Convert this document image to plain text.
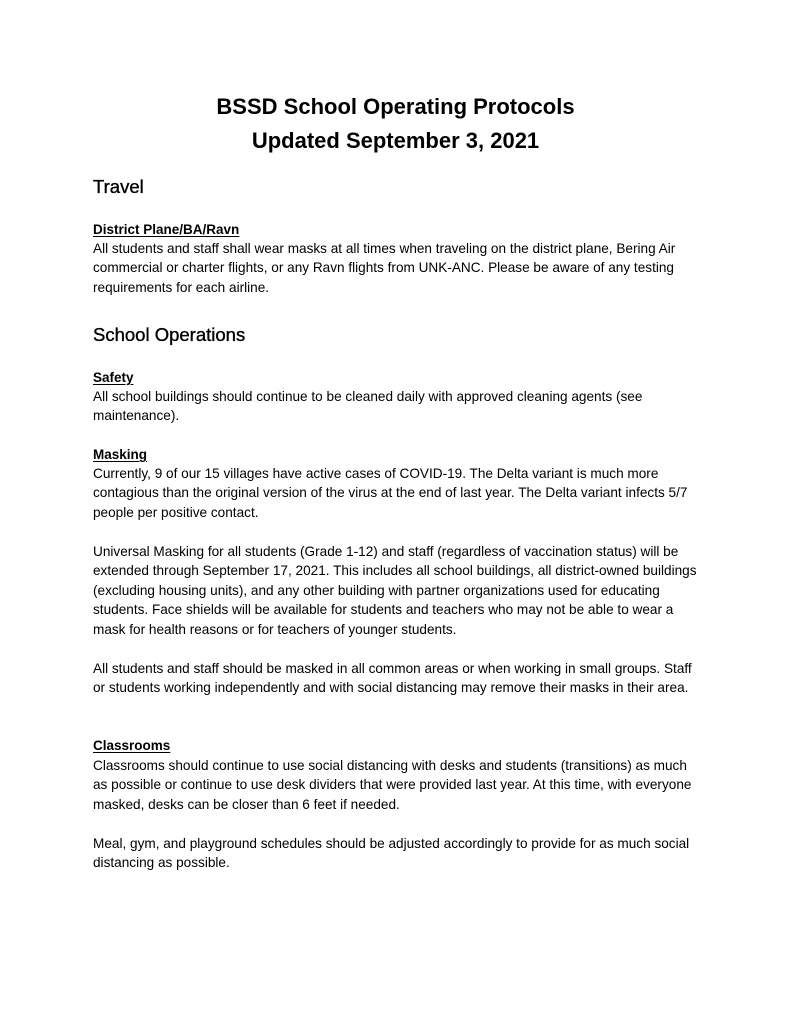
BSSD School Operating Protocols
Updated September 3, 2021
Travel
District Plane/BA/Ravn

All students and staff shall wear masks at all times when traveling on the district plane, Bering Air commercial or charter flights, or any Ravn flights from UNK-ANC. Please be aware of any testing requirements for each airline.

School Operations
Safety

All school buildings should continue to be cleaned daily with approved cleaning agents (see maintenance).

Masking

Currently, 9 of our 15 villages have active cases of COVID-19. The Delta variant is much more contagious than the original version of the virus at the end of last year. The Delta variant infects 5/7 people per positive contact.

Universal Masking for all students (Grade 1-12) and staff (regardless of vaccination status) will be extended through September 17, 2021. This includes all school buildings, all district-owned buildings (excluding housing units), and any other building with partner organizations used for educating students. Face shields will be available for students and teachers who may not be able to wear a mask for health reasons or for teachers of younger students.

All students and staff should be masked in all common areas or when working in small groups. Staff or students working independently and with social distancing may remove their masks in their area.

Classrooms

Classrooms should continue to use social distancing with desks and students (transitions) as much as possible or continue to use desk dividers that were provided last year. At this time, with everyone masked, desks can be closer than 6 feet if needed.

Meal, gym, and playground schedules should be adjusted accordingly to provide for as much social distancing as possible.
